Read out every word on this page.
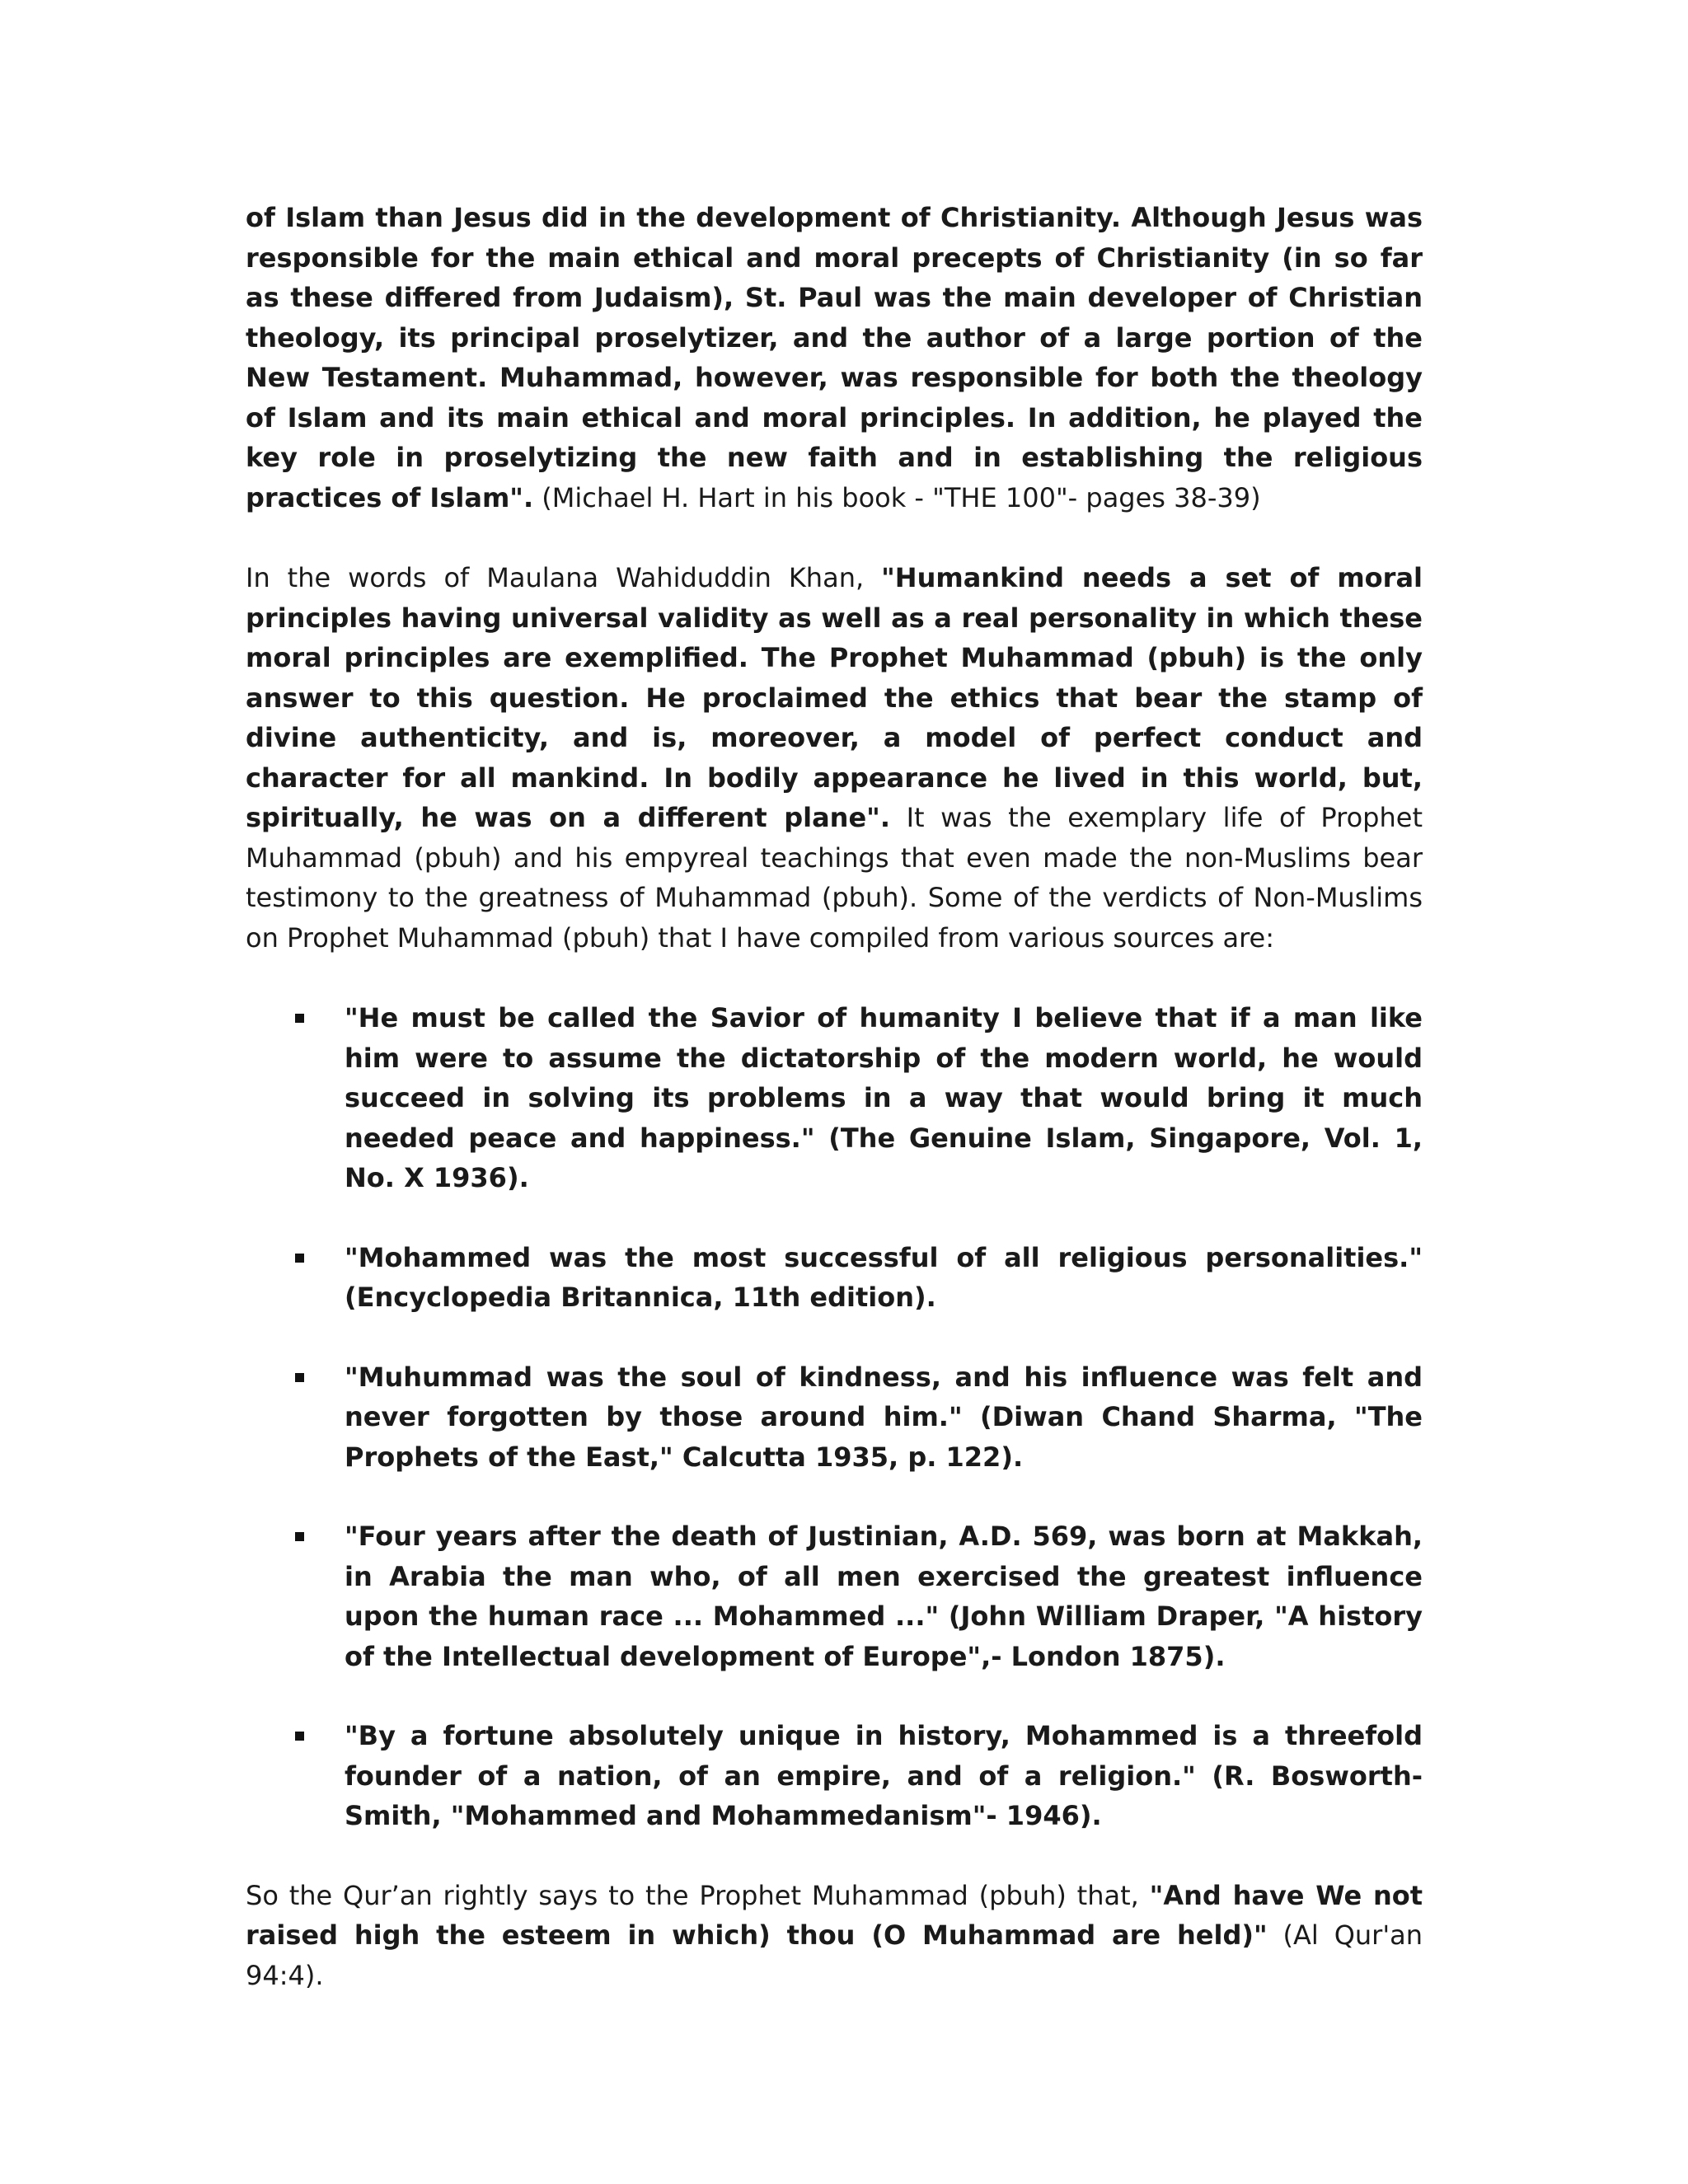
of Islam than Jesus did in the development of Christianity. Although Jesus was responsible for the main ethical and moral precepts of Christianity (in so far as these differed from Judaism), St. Paul was the main developer of Christian theology, its principal proselytizer, and the author of a large portion of the New Testament. Muhammad, however, was responsible for both the theology of Islam and its main ethical and moral principles. In addition, he played the key role in proselytizing the new faith and in establishing the religious practices of Islam". (Michael H. Hart in his book - "THE 100"- pages 38-39)

In the words of Maulana Wahiduddin Khan, "Humankind needs a set of moral principles having universal validity as well as a real personality in which these moral principles are exemplified. The Prophet Muhammad (pbuh) is the only answer to this question. He proclaimed the ethics that bear the stamp of divine authenticity, and is, moreover, a model of perfect conduct and character for all mankind. In bodily appearance he lived in this world, but, spiritually, he was on a different plane". It was the exemplary life of Prophet Muhammad (pbuh) and his empyreal teachings that even made the non-Muslims bear testimony to the greatness of Muhammad (pbuh). Some of the verdicts of Non-Muslims on Prophet Muhammad (pbuh) that I have compiled from various sources are:

"He must be called the Savior of humanity I believe that if a man like him were to assume the dictatorship of the modern world, he would succeed in solving its problems in a way that would bring it much needed peace and happiness." (The Genuine Islam, Singapore, Vol. 1, No. X 1936).
"Mohammed was the most successful of all religious personalities." (Encyclopedia Britannica, 11th edition).
"Muhummad was the soul of kindness, and his influence was felt and never forgotten by those around him." (Diwan Chand Sharma, "The Prophets of the East," Calcutta 1935, p. 122).
"Four years after the death of Justinian, A.D. 569, was born at Makkah, in Arabia the man who, of all men exercised the greatest influence upon the human race ... Mohammed ..." (John William Draper, "A history of the Intellectual development of Europe",- London 1875).
"By a fortune absolutely unique in history, Mohammed is a threefold founder of a nation, of an empire, and of a religion." (R. Bosworth-Smith, "Mohammed and Mohammedanism"- 1946).

So the Qur’an rightly says to the Prophet Muhammad (pbuh) that, "And have We not raised high the esteem in which) thou (O Muhammad are held)" (Al Qur'an 94:4).
